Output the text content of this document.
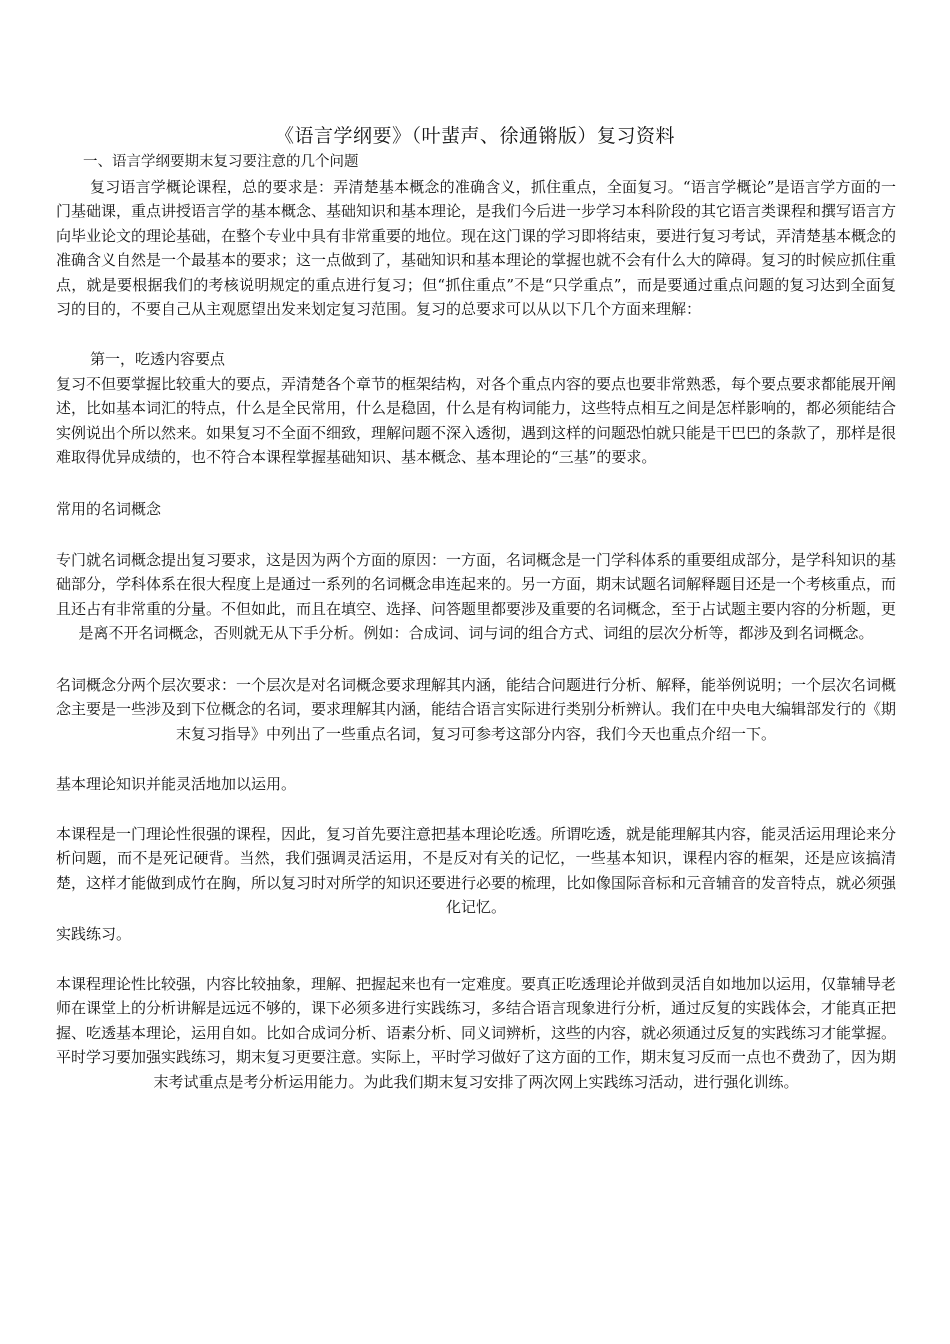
《语言学纲要》（叶蜚声、徐通锵版）复习资料

一、语言学纲要期末复习要注意的几个问题

复习语言学概论课程，总的要求是：弄清楚基本概念的准确含义，抓住重点，全面复习。“语言学概论”是语言学方面的一门基础课，重点讲授语言学的基本概念、基础知识和基本理论，是我们今后进一步学习本科阶段的其它语言类课程和撰写语言方向毕业论文的理论基础，在整个专业中具有非常重要的地位。现在这门课的学习即将结束，要进行复习考试，弄清楚基本概念的准确含义自然是一个最基本的要求；这一点做到了，基础知识和基本理论的掌握也就不会有什么大的障碍。复习的时候应抓住重点，就是要根据我们的考核说明规定的重点进行复习；但“抓住重点”不是“只学重点”，而是要通过重点问题的复习达到全面复习的目的，不要自己从主观愿望出发来划定复习范围。复习的总要求可以从以下几个方面来理解：

第一，吃透内容要点

复习不但要掌握比较重大的要点，弄清楚各个章节的框架结构，对各个重点内容的要点也要非常熟悉，每个要点要求都能展开阐述，比如基本词汇的特点，什么是全民常用，什么是稳固，什么是有构词能力，这些特点相互之间是怎样影响的，都必须能结合实例说出个所以然来。如果复习不全面不细致，理解问题不深入透彻，遇到这样的问题恐怕就只能是干巴巴的条款了，那样是很难取得优异成绩的，也不符合本课程掌握基础知识、基本概念、基本理论的“三基”的要求。

常用的名词概念

专门就名词概念提出复习要求，这是因为两个方面的原因：一方面，名词概念是一门学科体系的重要组成部分，是学科知识的基础部分，学科体系在很大程度上是通过一系列的名词概念串连起来的。另一方面，期末试题名词解释题目还是一个考核重点，而且还占有非常重的分量。不但如此，而且在填空、选择、问答题里都要涉及重要的名词概念，至于占试题主要内容的分析题，更是离不开名词概念，否则就无从下手分析。例如：合成词、词与词的组合方式、词组的层次分析等，都涉及到名词概念。

名词概念分两个层次要求：一个层次是对名词概念要求理解其内涵，能结合问题进行分析、解释，能举例说明；一个层次名词概念主要是一些涉及到下位概念的名词，要求理解其内涵，能结合语言实际进行类别分析辨认。我们在中央电大编辑部发行的《期末复习指导》中列出了一些重点名词，复习可参考这部分内容，我们今天也重点介绍一下。

基本理论知识并能灵活地加以运用。

本课程是一门理论性很强的课程，因此，复习首先要注意把基本理论吃透。所谓吃透，就是能理解其内容，能灵活运用理论来分析问题，而不是死记硬背。当然，我们强调灵活运用，不是反对有关的记忆，一些基本知识，课程内容的框架，还是应该搞清楚，这样才能做到成竹在胸，所以复习时对所学的知识还要进行必要的梳理，比如像国际音标和元音辅音的发音特点，就必须强化记忆。

实践练习。

本课程理论性比较强，内容比较抽象，理解、把握起来也有一定难度。要真正吃透理论并做到灵活自如地加以运用，仅靠辅导老师在课堂上的分析讲解是远远不够的，课下必须多进行实践练习，多结合语言现象进行分析，通过反复的实践体会，才能真正把握、吃透基本理论，运用自如。比如合成词分析、语素分析、同义词辨析，这些的内容，就必须通过反复的实践练习才能掌握。平时学习要加强实践练习，期末复习更要注意。实际上，平时学习做好了这方面的工作，期末复习反而一点也不费劲了，因为期末考试重点是考分析运用能力。为此我们期末复习安排了两次网上实践练习活动，进行强化训练。
